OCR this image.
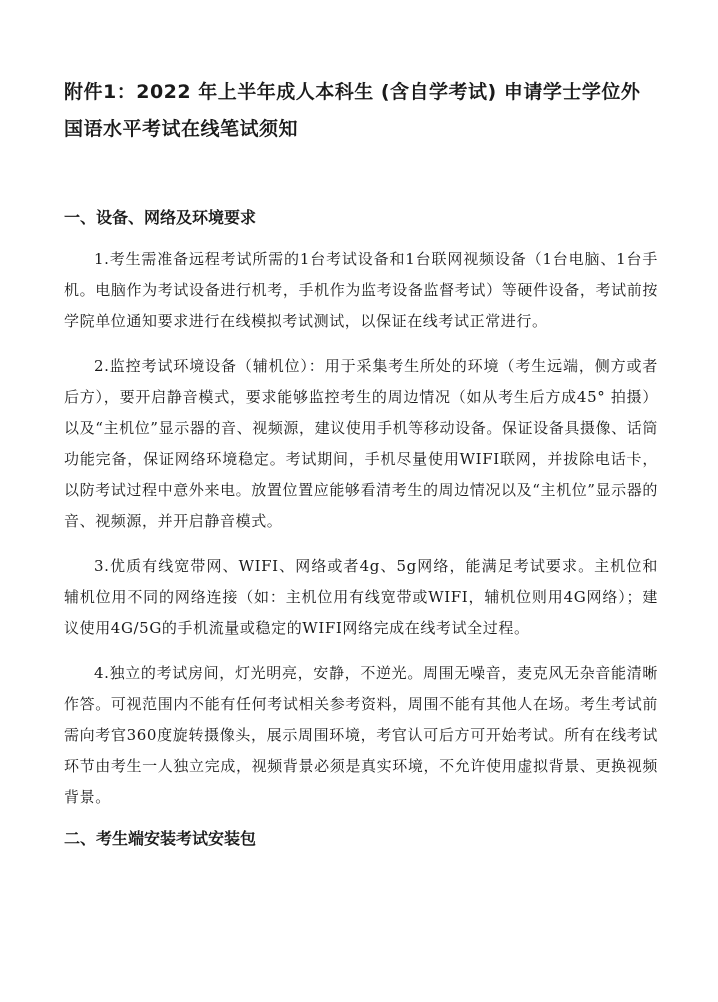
附件1：2022 年上半年成人本科生 (含自学考试) 申请学士学位外国语水平考试在线笔试须知
一、设备、网络及环境要求

1.考生需准备远程考试所需的1台考试设备和1台联网视频设备（1台电脑、1台手机。电脑作为考试设备进行机考，手机作为监考设备监督考试）等硬件设备，考试前按学院单位通知要求进行在线模拟考试测试，以保证在线考试正常进行。

2.监控考试环境设备（辅机位）：用于采集考生所处的环境（考生远端，侧方或者后方），要开启静音模式，要求能够监控考生的周边情况（如从考生后方成45° 拍摄）以及“主机位”显示器的音、视频源，建议使用手机等移动设备。保证设备具摄像、话筒功能完备，保证网络环境稳定。考试期间，手机尽量使用WIFI联网，并拔除电话卡，以防考试过程中意外来电。放置位置应能够看清考生的周边情况以及“主机位”显示器的音、视频源，并开启静音模式。

3.优质有线宽带网、WIFI、网络或者4g、5g网络，能满足考试要求。主机位和辅机位用不同的网络连接（如：主机位用有线宽带或WIFI，辅机位则用4G网络）；建议使用4G/5G的手机流量或稳定的WIFI网络完成在线考试全过程。

4.独立的考试房间，灯光明亮，安静，不逆光。周围无噪音，麦克风无杂音能清晰作答。可视范围内不能有任何考试相关参考资料，周围不能有其他人在场。考生考试前需向考官360度旋转摄像头，展示周围环境，考官认可后方可开始考试。所有在线考试环节由考生一人独立完成，视频背景必须是真实环境，不允许使用虚拟背景、更换视频背景。

二、考生端安装考试安装包
